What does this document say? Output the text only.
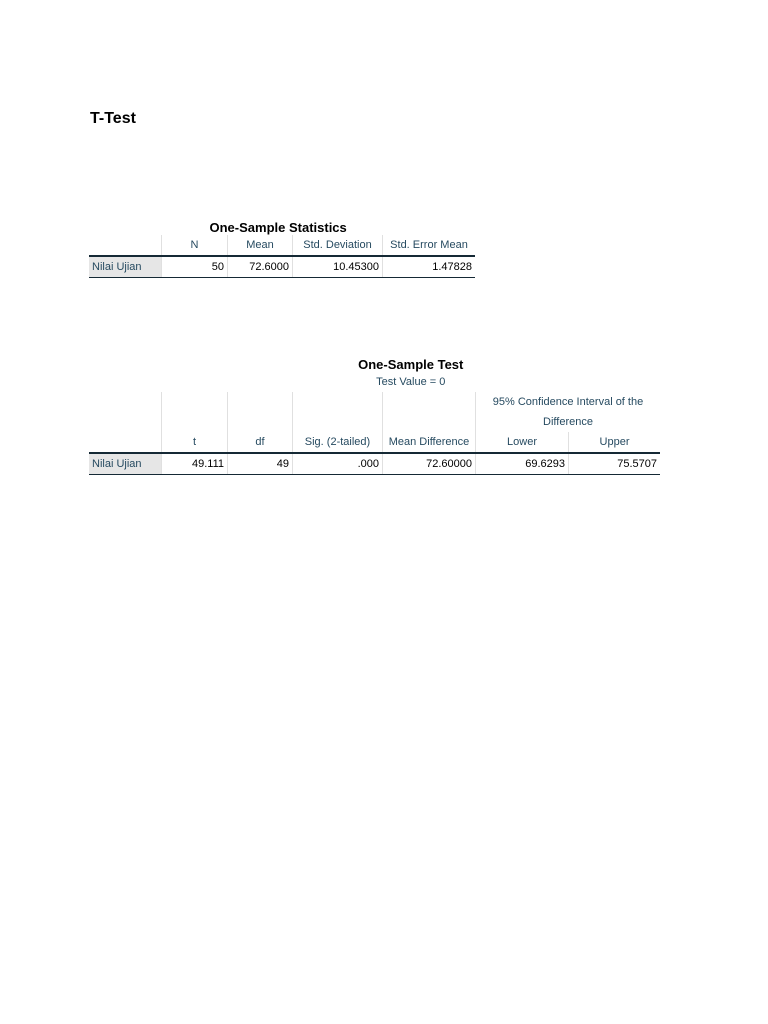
T-Test
	One-Sample Statistics			
	N	Mean	Std. Deviation	Std. Error Mean
Nilai Ujian	50	72.6000	10.45300	1.47828
	One-Sample Test					
	Test Value = 0					
					95% Confidence Interval of the	
					Difference	
	t	df	Sig. (2-tailed)	Mean Difference	Lower	Upper
Nilai Ujian	49.111	49	.000	72.60000	69.6293	75.5707
